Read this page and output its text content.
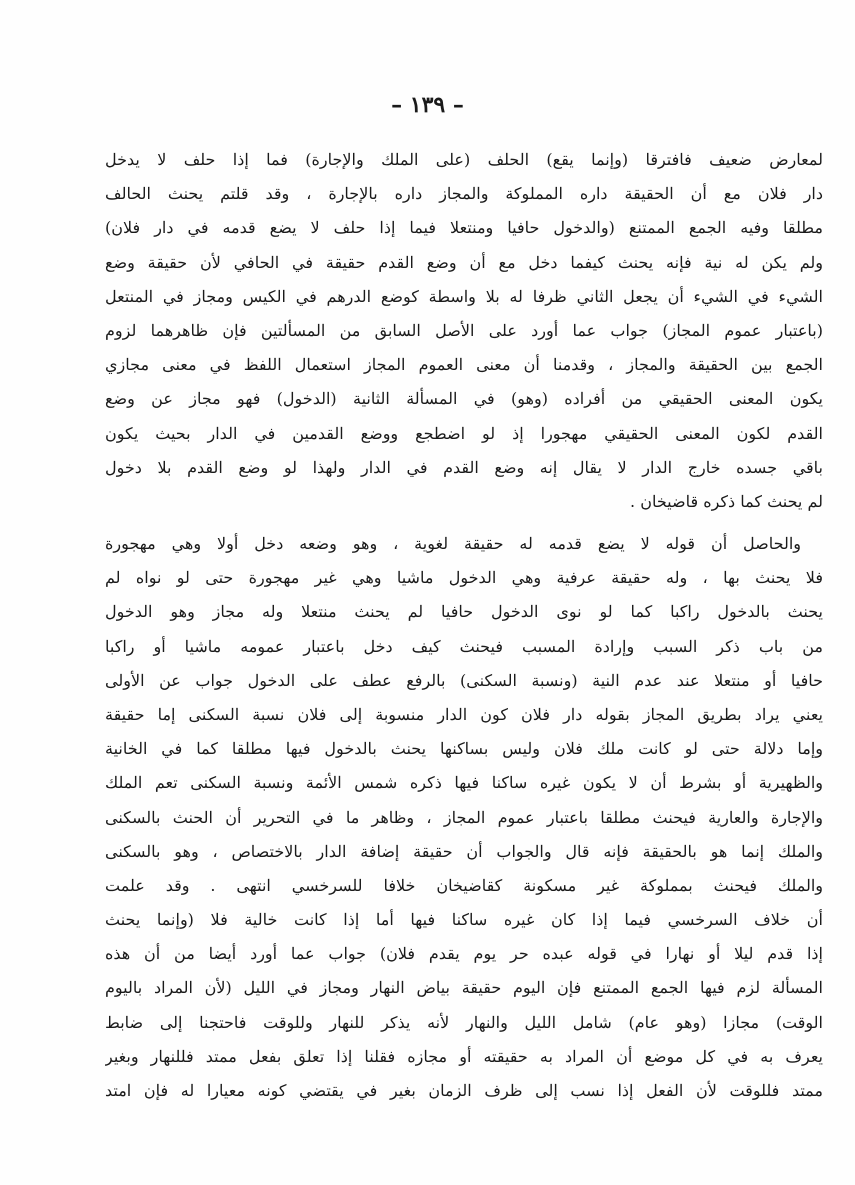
– ١٣٩ –
لمعارض ضعيف فافترقا (وإنما يقع) الحلف (على الملك والإجارة) فما إذا حلف لا يدخل
دار فلان مع أن الحقيقة داره المملوكة والمجاز داره بالإجارة ، وقد قلتم يحنث الحالف
مطلقا وفيه الجمع الممتنع (والدخول حافيا ومنتعلا فيما إذا حلف لا يضع قدمه في دار فلان)
ولم يكن له نية فإنه يحنث كيفما دخل مع أن وضع القدم حقيقة في الحافي لأن حقيقة وضع
الشيء في الشيء أن يجعل الثاني ظرفا له بلا واسطة كوضع الدرهم في الكيس ومجاز في المنتعل
(باعتبار عموم المجاز) جواب عما أورد على الأصل السابق من المسألتين فإن ظاهرهما لزوم
الجمع بين الحقيقة والمجاز ، وقدمنا أن معنى العموم المجاز استعمال اللفظ في معنى مجازي
يكون المعنى الحقيقي من أفراده (وهو) في المسألة الثانية (الدخول) فهو مجاز عن وضع
القدم لكون المعنى الحقيقي مهجورا إذ لو اضطجع ووضع القدمين في الدار بحيث يكون
باقي جسده خارج الدار لا يقال إنه وضع القدم في الدار ولهذا لو وضع القدم بلا دخول
لم يحنث كما ذكره قاضيخان .
والحاصل أن قوله لا يضع قدمه له حقيقة لغوية ، وهو وضعه دخل أولا وهي مهجورة
فلا يحنث بها ، وله حقيقة عرفية وهي الدخول ماشيا وهي غير مهجورة حتى لو نواه لم
يحنث بالدخول راكبا كما لو نوى الدخول حافيا لم يحنث منتعلا وله مجاز وهو الدخول
من باب ذكر السبب وإرادة المسبب فيحنث كيف دخل باعتبار عمومه ماشيا أو راكبا
حافيا أو منتعلا عند عدم النية (ونسبة السكنى) بالرفع عطف على الدخول جواب عن الأولى
يعني يراد بطريق المجاز بقوله دار فلان كون الدار منسوبة إلى فلان نسبة السكنى إما حقيقة
وإما دلالة حتى لو كانت ملك فلان وليس بساكنها يحنث بالدخول فيها مطلقا كما في الخانية
والظهيرية أو بشرط أن لا يكون غيره ساكنا فيها ذكره شمس الأئمة ونسبة السكنى تعم الملك
والإجارة والعارية فيحنث مطلقا باعتبار عموم المجاز ، وظاهر ما في التحرير أن الحنث بالسكنى
والملك إنما هو بالحقيقة فإنه قال والجواب أن حقيقة إضافة الدار بالاختصاص ، وهو بالسكنى
والملك فيحنث بمملوكة غير مسكونة كقاضيخان خلافا للسرخسي انتهى . وقد علمت
أن خلاف السرخسي فيما إذا كان غيره ساكنا فيها أما إذا كانت خالية فلا (وإنما يحنث
إذا قدم ليلا أو نهارا في قوله عبده حر يوم يقدم فلان) جواب عما أورد أيضا من أن هذه
المسألة لزم فيها الجمع الممتنع فإن اليوم حقيقة بياض النهار ومجاز في الليل (لأن المراد باليوم
الوقت) مجازا (وهو عام) شامل الليل والنهار لأنه يذكر للنهار وللوقت فاحتجنا إلى ضابط
يعرف به في كل موضع أن المراد به حقيقته أو مجازه فقلنا إذا تعلق بفعل ممتد فللنهار وبغير
ممتد فللوقت لأن الفعل إذا نسب إلى ظرف الزمان بغير في يقتضي كونه معيارا له فإن امتد
